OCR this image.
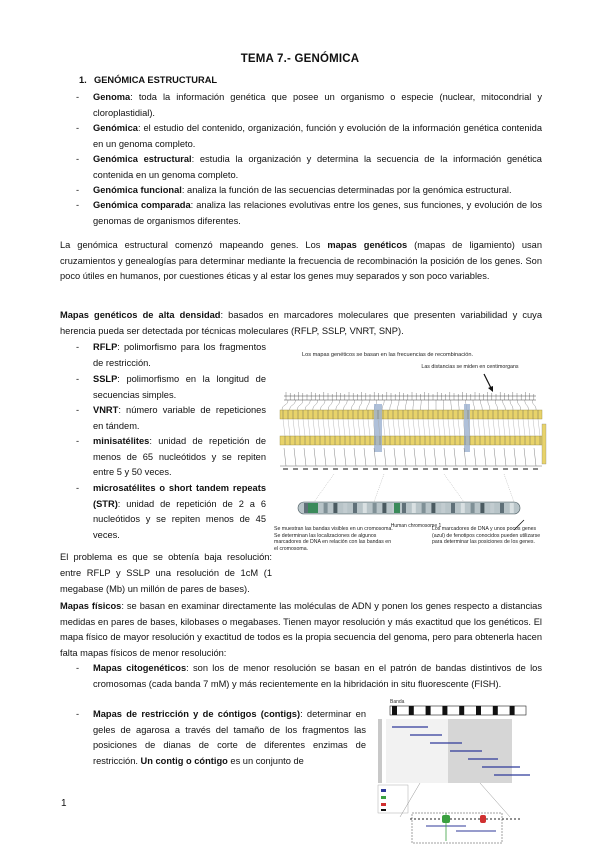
TEMA 7.- GENÓMICA
1. GENÓMICA ESTRUCTURAL
- Genoma: toda la información genética que posee un organismo o especie (nuclear, mitocondrial y cloroplastidial).
- Genómica: el estudio del contenido, organización, función y evolución de la información genética contenida en un genoma completo.
- Genómica estructural: estudia la organización y determina la secuencia de la información genética contenida en un genoma completo.
- Genómica funcional: analiza la función de las secuencias determinadas por la genómica estructural.
- Genómica comparada: analiza las relaciones evolutivas entre los genes, sus funciones, y evolución de los genomas de organismos diferentes.
La genómica estructural comenzó mapeando genes. Los mapas genéticos (mapas de ligamiento) usan cruzamientos y genealogías para determinar mediante la frecuencia de recombinación la posición de los genes. Son poco útiles en humanos, por cuestiones éticas y al estar los genes muy separados y son poco variables.
Mapas genéticos de alta densidad: basados en marcadores moleculares que presenten variabilidad y cuya herencia pueda ser detectada por técnicas moleculares (RFLP, SSLP, VNRT, SNP).
- RFLP: polimorfismo para los fragmentos de restricción.
- SSLP: polimorfismo en la longitud de secuencias simples.
- VNRT: número variable de repeticiones en tándem.
- minisatélites: unidad de repetición de menos de 65 nucleótidos y se repiten entre 5 y 50 veces.
- microsatélites o short tandem repeats (STR): unidad de repetición de 2 a 6 nucleótidos y se repiten menos de 45 veces.
Los mapas genéticos se basan en las frecuencias de recombinación.
Las distancias se miden en centimorgans
Human chromosome 1
Se muestran las bandas visibles en un cromosoma. Se determinan las localizaciones de algunos marcadores de DNA en relación con las bandas en el cromosoma.
Los marcadores de DNA y unos pocos genes (azul) de fenotipos conocidos pueden utilizarse para determinar las posiciones de los genes.
El problema es que se obtenía baja resolución: entre RFLP y SSLP una resolución de 1cM (1 megabase (Mb) un millón de pares de bases).
Mapas físicos: se basan en examinar directamente las moléculas de ADN y ponen los genes respecto a distancias medidas en pares de bases, kilobases o megabases. Tienen mayor resolución y más exactitud que los genéticos. El mapa físico de mayor resolución y exactitud de todos es la propia secuencia del genoma, pero para obtenerla hacen falta mapas físicos de menor resolución:
- Mapas citogenéticos: son los de menor resolución se basan en el patrón de bandas distintivos de los cromosomas (cada banda 7 mM) y más recientemente en la hibridación in situ fluorescente (FISH).
- Mapas de restricción y de cóntigos (contigs): determinar en geles de agarosa a través del tamaño de los fragmentos las posiciones de dianas de corte de diferentes enzimas de restricción. Un contig o cóntigo es un conjunto de
Banda
1
